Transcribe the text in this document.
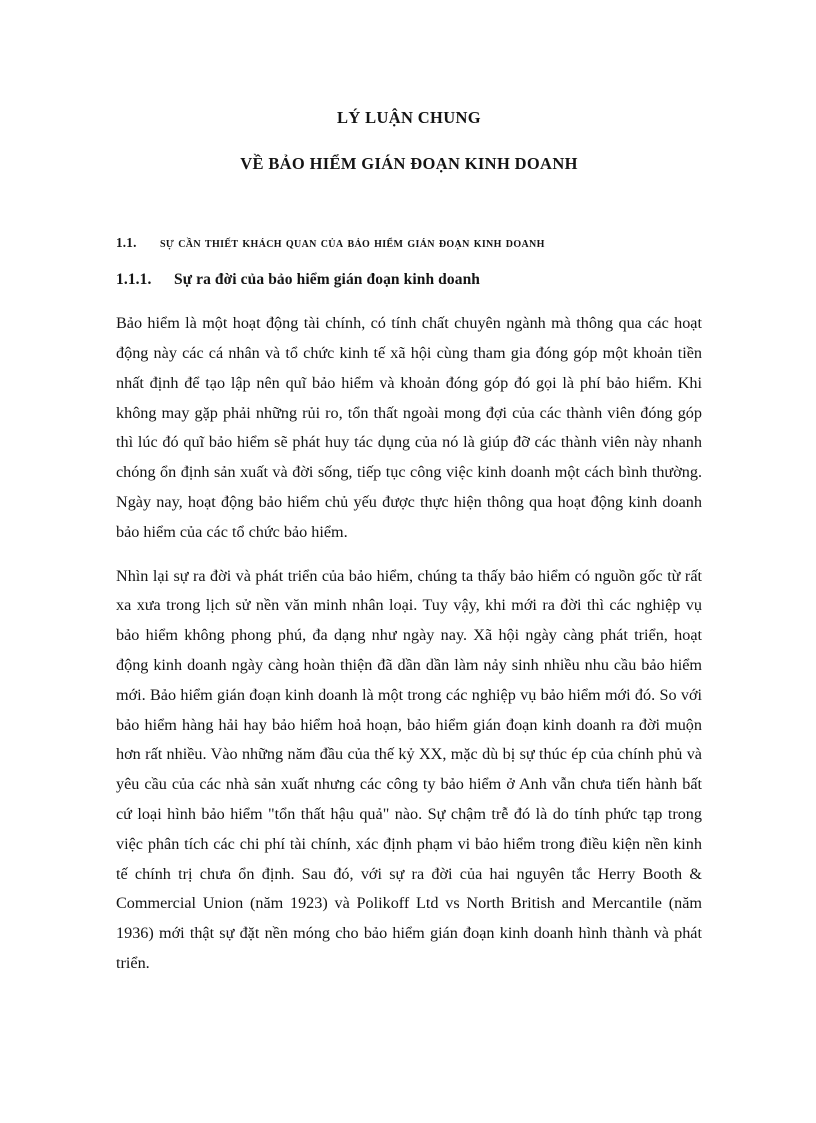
LÝ LUẬN CHUNG
VỀ BẢO HIỂM GIÁN ĐOẠN KINH DOANH
1.1.	sự cần thiết khách quan của bảo hiểm gián đoạn kinh doanh
1.1.1.	Sự ra đời của bảo hiểm gián đoạn kinh doanh

Bảo hiểm là một hoạt động tài chính, có tính chất chuyên ngành mà thông qua các hoạt động này các cá nhân và tổ chức kinh tế xã hội cùng tham gia đóng góp một khoản tiền nhất định để tạo lập nên quĩ bảo hiểm và khoản đóng góp đó gọi là phí bảo hiểm. Khi không may gặp phải những rủi ro, tổn thất ngoài mong đợi của các thành viên đóng góp thì lúc đó quĩ bảo hiểm sẽ phát huy tác dụng của nó là giúp đỡ các thành viên này nhanh chóng ổn định sản xuất và đời sống, tiếp tục công việc kinh doanh một cách bình thường. Ngày nay, hoạt động bảo hiểm chủ yếu được thực hiện thông qua hoạt động kinh doanh bảo hiểm của các tổ chức bảo hiểm.

Nhìn lại sự ra đời và phát triển của bảo hiểm, chúng ta thấy bảo hiểm có nguồn gốc từ rất xa xưa trong lịch sử nền văn minh nhân loại. Tuy vậy, khi mới ra đời thì các nghiệp vụ bảo hiểm không phong phú, đa dạng như ngày nay. Xã hội ngày càng phát triển, hoạt động kinh doanh ngày càng hoàn thiện đã dần dần làm nảy sinh nhiều nhu cầu bảo hiểm mới. Bảo hiểm gián đoạn kinh doanh là một trong các nghiệp vụ bảo hiểm mới đó. So với bảo hiểm hàng hải hay bảo hiểm hoả hoạn, bảo hiểm gián đoạn kinh doanh ra đời muộn hơn rất nhiều. Vào những năm đầu của thế kỷ XX, mặc dù bị sự thúc ép của chính phủ và yêu cầu của các nhà sản xuất nhưng các công ty bảo hiểm ở Anh vẫn chưa tiến hành bất cứ loại hình bảo hiểm "tổn thất hậu quả" nào. Sự chậm trễ đó là do tính phức tạp trong việc phân tích các chi phí tài chính, xác định phạm vi bảo hiểm trong điều kiện nền kinh tế chính trị chưa ổn định. Sau đó, với sự ra đời của hai nguyên tắc Herry Booth & Commercial Union (năm 1923) và Polikoff Ltd vs North British and Mercantile (năm 1936) mới thật sự đặt nền móng cho bảo hiểm gián đoạn kinh doanh hình thành và phát triển.
